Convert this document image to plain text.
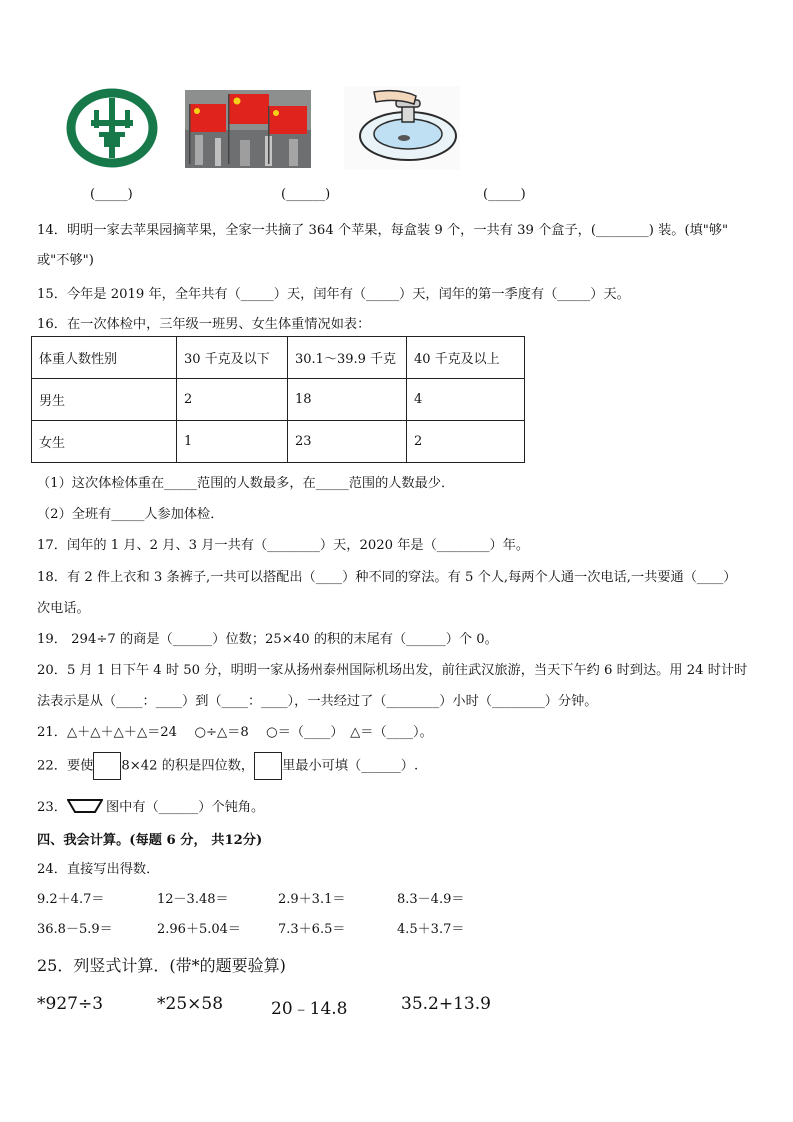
(_____)	(______)	(_____)
14．明明一家去苹果园摘苹果，全家一共摘了 364 个苹果，每盒装 9 个，一共有 39 个盒子，(________) 装。(填"够"
或"不够")
15．今年是 2019 年，全年共有（_____）天，闰年有（_____）天，闰年的第一季度有（_____）天。
16．在一次体检中，三年级一班男、女生体重情况如表：
体重人数性别	30 千克及以下	30.1～39.9 千克	40 千克及以上
男生	2	18	4
女生	1	23	2
（1）这次体检体重在_____范围的人数最多，在_____范围的人数最少．
（2）全班有_____人参加体检．
17．闰年的 1 月、2 月、3 月一共有（________）天，2020 年是（________）年。
18．有 2 件上衣和 3 条裤子,一共可以搭配出（____）种不同的穿法。有 5 个人,每两个人通一次电话,一共要通（____）
次电话。
19． 294÷7 的商是（______）位数；25×40 的积的末尾有（______）个 0。
20．5 月 1 日下午 4 时 50 分，明明一家从扬州泰州国际机场出发，前往武汉旅游，当天下午约 6 时到达。用 24 时计时
法表示是从（____：____）到（____：____），一共经过了（________）小时（________）分钟。
21．△＋△＋△＋△＝24　 ○÷△＝8　 ○＝（____）　△＝（____）。
22．要使 8×42 的积是四位数， 里最小可填（______）.
23．	图中有（______）个钝角。
四、我会计算。(每题 6 分， 共12分)
24．直接写出得数．
9.2＋4.7＝	12－3.48＝	2.9＋3.1＝	8.3－4.9＝
36.8－5.9＝	2.96＋5.04＝	7.3＋6.5＝	4.5＋3.7＝
25．列竖式计算．(带*的题要验算)
*927÷3	*25×58	20﹣14.8	35.2+13.9
